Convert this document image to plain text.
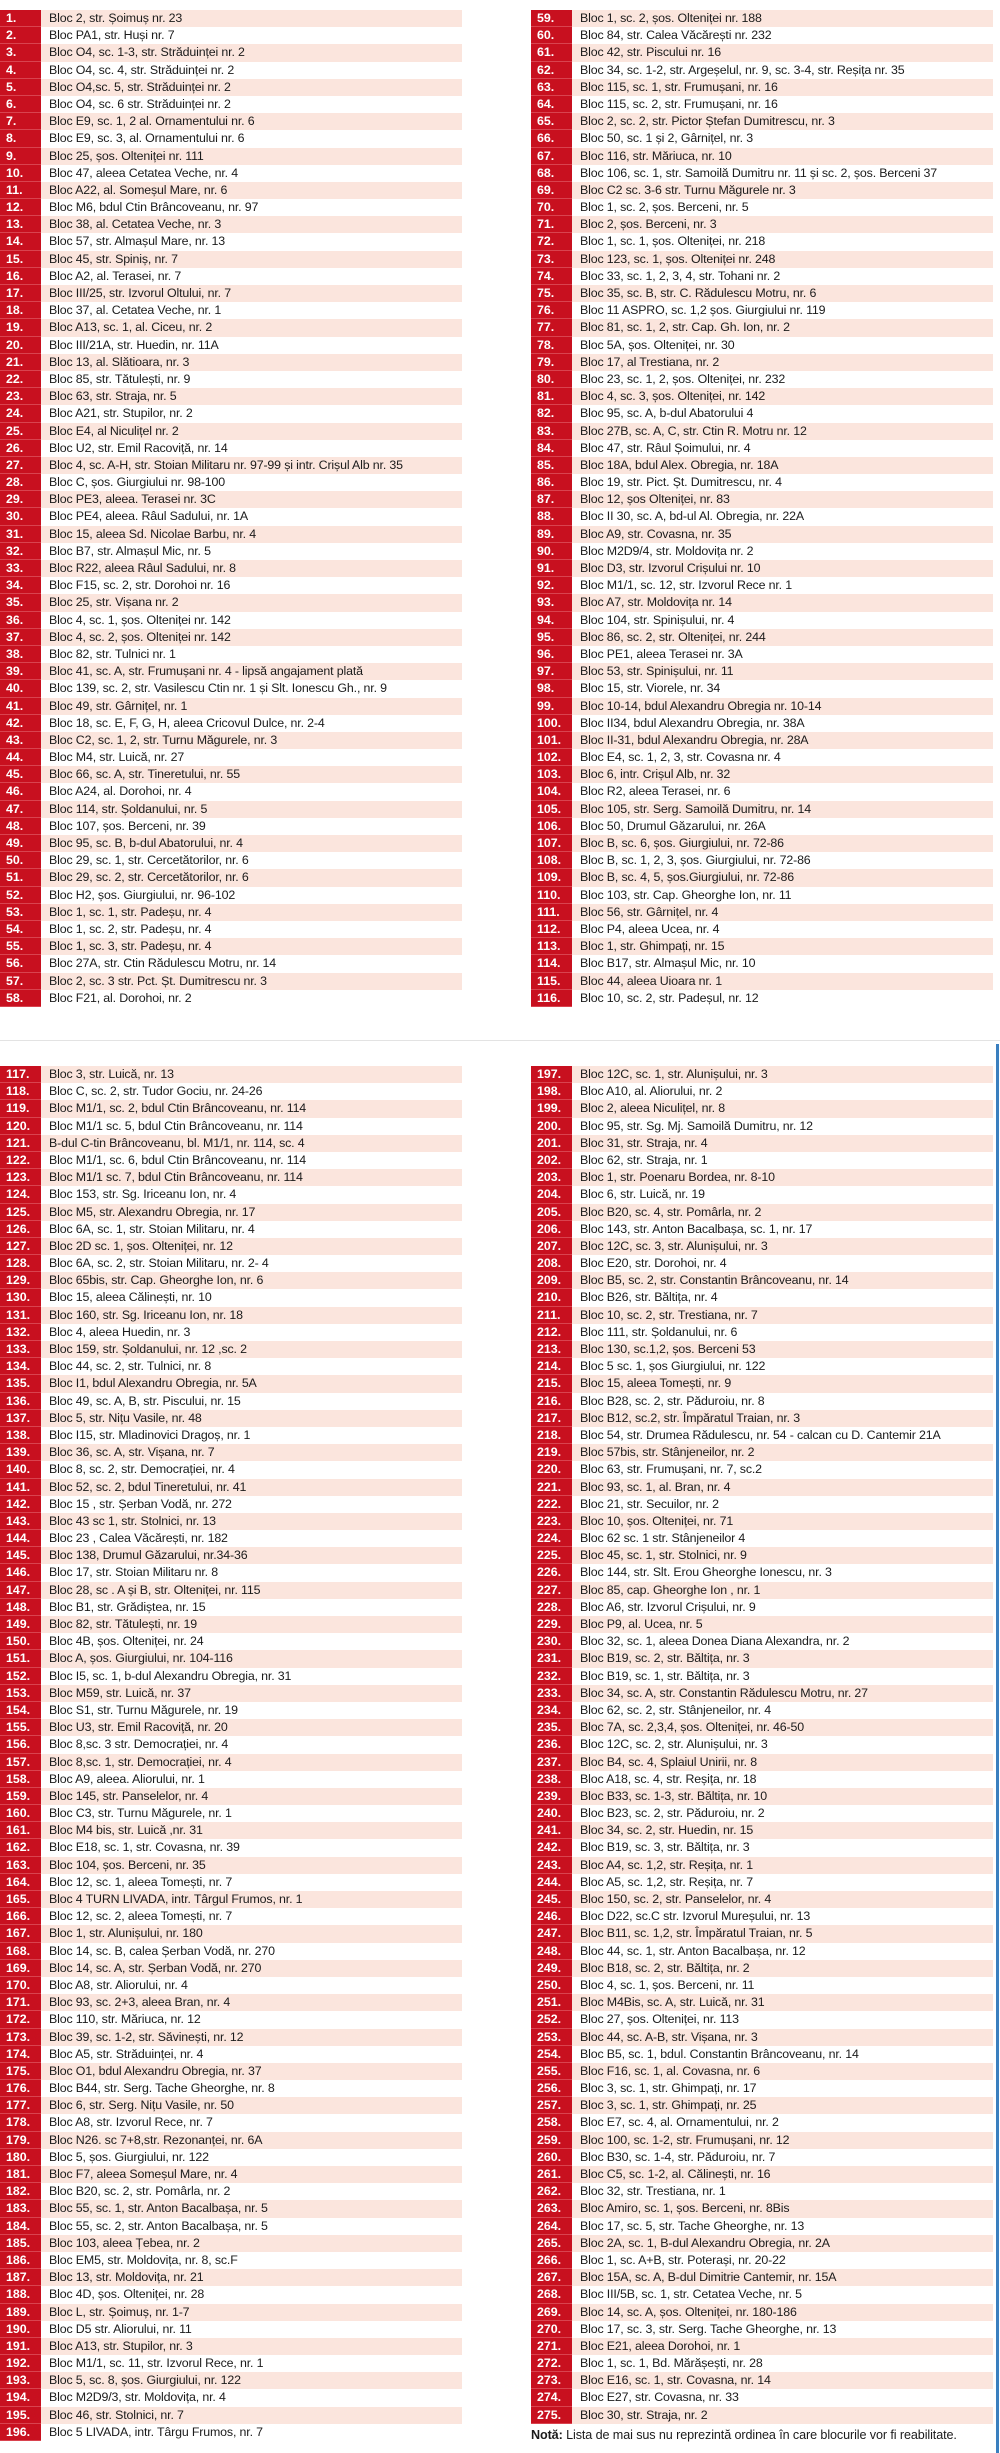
1.	Bloc 2, str. Șoimuș nr. 23
2.	Bloc PA1, str. Huși nr. 7
3.	Bloc O4, sc. 1-3, str. Străduinței nr. 2
4.	Bloc O4, sc. 4, str. Străduinței nr. 2
5.	Bloc O4,sc. 5, str. Străduinței nr. 2
6.	Bloc O4, sc. 6 str. Străduinței nr. 2
7.	Bloc E9, sc. 1, 2 al. Ornamentului nr. 6
8.	Bloc E9, sc. 3, al. Ornamentului nr. 6
9.	Bloc 25, șos. Olteniței nr. 111
10.	Bloc 47, aleea Cetatea Veche, nr. 4
11.	Bloc A22, al. Someșul Mare, nr. 6
12.	Bloc M6, bdul Ctin Brâncoveanu, nr. 97
13.	Bloc 38, al. Cetatea Veche, nr. 3
14.	Bloc 57, str. Almașul Mare, nr. 13
15.	Bloc 45, str. Spiniș, nr. 7
16.	Bloc A2, al. Terasei, nr. 7
17.	Bloc III/25, str. Izvorul Oltului, nr. 7
18.	Bloc 37, al. Cetatea Veche, nr. 1
19.	Bloc A13, sc. 1, al. Ciceu, nr. 2
20.	Bloc III/21A, str. Huedin, nr. 11A
21.	Bloc 13, al. Slătioara, nr. 3
22.	Bloc 85, str. Tătulești, nr. 9
23.	Bloc 63, str. Straja, nr. 5
24.	Bloc A21, str. Stupilor, nr. 2
25.	Bloc E4, al Niculițel nr. 2
26.	Bloc U2, str. Emil Racoviță, nr. 14
27.	Bloc 4, sc. A-H, str. Stoian Militaru nr. 97-99 și intr. Crișul Alb nr. 35
28.	Bloc C, șos. Giurgiului nr. 98-100
29.	Bloc PE3, aleea. Terasei nr. 3C
30.	Bloc PE4, aleea. Râul Sadului, nr. 1A
31.	Bloc 15, aleea Sd. Nicolae Barbu, nr. 4
32.	Bloc B7, str. Almașul Mic, nr. 5
33.	Bloc R22, aleea Râul Sadului, nr. 8
34.	Bloc F15, sc. 2, str. Dorohoi nr. 16
35.	Bloc 25, str. Vișana nr. 2
36.	Bloc 4, sc. 1, șos. Olteniței nr. 142
37.	Bloc 4, sc. 2, șos. Olteniței nr. 142
38.	Bloc 82, str. Tulnici nr. 1
39.	Bloc 41, sc. A, str. Frumușani nr. 4 - lipsă angajament plată
40.	Bloc 139, sc. 2, str. Vasilescu Ctin nr. 1 și Slt. Ionescu Gh., nr. 9
41.	Bloc 49, str. Gârnițel, nr. 1
42.	Bloc 18, sc. E, F, G, H, aleea Cricovul Dulce, nr. 2-4
43.	Bloc C2, sc. 1, 2, str. Turnu Măgurele, nr. 3
44.	Bloc M4, str. Luică, nr. 27
45.	Bloc 66, sc. A, str. Tineretului, nr. 55
46.	Bloc A24, al. Dorohoi, nr. 4
47.	Bloc 114, str. Șoldanului, nr. 5
48.	Bloc 107, șos. Berceni, nr. 39
49.	Bloc 95, sc. B, b-dul Abatorului, nr. 4
50.	Bloc 29, sc. 1, str. Cercetătorilor, nr. 6
51.	Bloc 29, sc. 2, str. Cercetătorilor, nr. 6
52.	Bloc H2, șos. Giurgiului, nr. 96-102
53.	Bloc 1, sc. 1, str. Padeșu, nr. 4
54.	Bloc 1, sc. 2, str. Padeșu, nr. 4
55.	Bloc 1, sc. 3, str. Padeșu, nr. 4
56.	Bloc 27A, str. Ctin Rădulescu Motru, nr. 14
57.	Bloc 2, sc. 3 str. Pct. Șt. Dumitrescu nr. 3
58.	Bloc F21, al. Dorohoi, nr. 2
59.	Bloc 1, sc. 2, șos. Olteniței nr. 188
60.	Bloc 84, str. Calea Văcărești nr. 232
61.	Bloc 42, str. Piscului nr. 16
62.	Bloc 34, sc. 1-2, str. Argeșelul, nr. 9, sc. 3-4, str. Reșița nr. 35
63.	Bloc 115, sc. 1, str. Frumușani, nr. 16
64.	Bloc 115, sc. 2, str. Frumușani, nr. 16
65.	Bloc 2, sc. 2, str. Pictor Ștefan Dumitrescu, nr. 3
66.	Bloc 50, sc. 1 și 2, Gârnițel, nr. 3
67.	Bloc 116, str. Măriuca, nr. 10
68.	Bloc 106, sc. 1, str. Samoilă Dumitru nr. 11 și sc. 2, șos. Berceni 37
69.	Bloc C2 sc. 3-6 str. Turnu Măgurele nr. 3
70.	Bloc 1, sc. 2, șos. Berceni, nr. 5
71.	Bloc 2, șos. Berceni, nr. 3
72.	Bloc 1, sc. 1, șos. Olteniței, nr. 218
73.	Bloc 123, sc. 1, șos. Olteniței nr. 248
74.	Bloc 33, sc. 1, 2, 3, 4, str. Tohani nr. 2
75.	Bloc 35, sc. B, str. C. Rădulescu Motru, nr. 6
76.	Bloc 11 ASPRO, sc. 1,2 șos. Giurgiului nr. 119
77.	Bloc 81, sc. 1, 2, str. Cap. Gh. Ion, nr. 2
78.	Bloc 5A, șos. Olteniței, nr. 30
79.	Bloc 17, al Trestiana, nr. 2
80.	Bloc 23, sc. 1, 2, șos. Olteniței, nr. 232
81.	Bloc 4, sc. 3, șos. Olteniței, nr. 142
82.	Bloc 95, sc. A, b-dul Abatorului 4
83.	Bloc 27B, sc. A, C, str. Ctin R. Motru nr. 12
84.	Bloc 47, str. Râul Șoimului, nr. 4
85.	Bloc 18A, bdul Alex. Obregia, nr. 18A
86.	Bloc 19, str. Pict. Șt. Dumitrescu, nr. 4
87.	Bloc 12, șos Olteniței, nr. 83
88.	Bloc II 30, sc. A, bd-ul Al. Obregia, nr. 22A
89.	Bloc A9, str. Covasna, nr. 35
90.	Bloc M2D9/4, str. Moldovița nr. 2
91.	Bloc D3, str. Izvorul Crișului nr. 10
92.	Bloc M1/1, sc. 12, str. Izvorul Rece nr. 1
93.	Bloc A7, str. Moldovița nr. 14
94.	Bloc 104, str. Spinișului, nr. 4
95.	Bloc 86, sc. 2, str. Olteniței, nr. 244
96.	Bloc PE1, aleea Terasei nr. 3A
97.	Bloc 53, str. Spinișului, nr. 11
98.	Bloc 15, str. Viorele, nr. 34
99.	Bloc 10-14, bdul Alexandru Obregia nr. 10-14
100.	Bloc II34, bdul Alexandru Obregia, nr. 38A
101.	Bloc II-31, bdul Alexandru Obregia, nr. 28A
102.	Bloc E4, sc. 1, 2, 3, str. Covasna nr. 4
103.	Bloc 6, intr. Crișul Alb, nr. 32
104.	Bloc R2, aleea Terasei, nr. 6
105.	Bloc 105, str. Serg. Samoilă Dumitru, nr. 14
106.	Bloc 50, Drumul Găzarului, nr. 26A
107.	Bloc B, sc. 6, șos. Giurgiului, nr. 72-86
108.	Bloc B, sc. 1, 2, 3, șos. Giurgiului, nr. 72-86
109.	Bloc B, sc. 4, 5, șos.Giurgiului, nr. 72-86
110.	Bloc 103, str. Cap. Gheorghe Ion, nr. 11
111.	Bloc 56, str. Gârnițel, nr. 4
112.	Bloc P4, aleea Ucea, nr. 4
113.	Bloc 1, str. Ghimpați, nr. 15
114.	Bloc B17, str. Almașul Mic, nr. 10
115.	Bloc 44, aleea Uioara nr. 1
116.	Bloc 10, sc. 2, str. Padeșul, nr. 12
117.	Bloc 3, str. Luică, nr. 13
118.	Bloc C, sc. 2, str. Tudor Gociu, nr. 24-26
119.	Bloc M1/1, sc. 2, bdul Ctin Brâncoveanu, nr. 114
120.	Bloc M1/1 sc. 5, bdul Ctin Brâncoveanu, nr. 114
121.	B-dul C-tin Brâncoveanu, bl. M1/1, nr. 114, sc. 4
122.	Bloc M1/1, sc. 6, bdul Ctin Brâncoveanu, nr. 114
123.	Bloc M1/1 sc. 7, bdul Ctin Brâncoveanu, nr. 114
124.	Bloc 153, str. Sg. Iriceanu Ion, nr. 4
125.	Bloc M5, str. Alexandru Obregia, nr. 17
126.	Bloc 6A, sc. 1, str. Stoian Militaru, nr. 4
127.	Bloc 2D sc. 1, șos. Olteniței, nr. 12
128.	Bloc 6A, sc. 2, str. Stoian Militaru, nr. 2- 4
129.	Bloc 65bis, str. Cap. Gheorghe Ion, nr. 6
130.	Bloc 15, aleea Călinești, nr. 10
131.	Bloc 160, str. Sg. Iriceanu Ion, nr. 18
132.	Bloc 4, aleea Huedin, nr. 3
133.	Bloc 159, str. Șoldanului, nr. 12 ,sc. 2
134.	Bloc 44, sc. 2, str. Tulnici, nr. 8
135.	Bloc I1, bdul Alexandru Obregia, nr. 5A
136.	Bloc 49, sc. A, B, str. Piscului, nr. 15
137.	Bloc 5, str. Nițu Vasile, nr. 48
138.	Bloc I15, str. Mladinovici Dragoș, nr. 1
139.	Bloc 36, sc. A, str. Vișana, nr. 7
140.	Bloc 8, sc. 2, str. Democrației, nr. 4
141.	Bloc 52, sc. 2, bdul Tineretului, nr. 41
142.	Bloc 15 , str. Șerban Vodă, nr. 272
143.	Bloc 43 sc 1, str. Stolnici, nr. 13
144.	Bloc 23 , Calea Văcărești, nr. 182
145.	Bloc 138, Drumul Găzarului, nr.34-36
146.	Bloc 17, str. Stoian Militaru nr. 8
147.	Bloc 28, sc . A și B, str. Olteniței, nr. 115
148.	Bloc B1, str. Grădiștea, nr. 15
149.	Bloc 82, str. Tătulești, nr. 19
150.	Bloc 4B, șos. Olteniței, nr. 24
151.	Bloc A, șos. Giurgiului, nr. 104-116
152.	Bloc I5, sc. 1, b-dul Alexandru Obregia, nr. 31
153.	Bloc M59, str. Luică, nr. 37
154.	Bloc S1, str. Turnu Măgurele, nr. 19
155.	Bloc U3, str. Emil Racoviță, nr. 20
156.	Bloc 8,sc. 3 str. Democrației, nr. 4
157.	Bloc 8,sc. 1, str. Democrației, nr. 4
158.	Bloc A9, aleea. Aliorului, nr. 1
159.	Bloc 145, str. Panselelor, nr. 4
160.	Bloc C3, str. Turnu Măgurele, nr. 1
161.	Bloc M4 bis, str. Luică ,nr. 31
162.	Bloc E18, sc. 1, str. Covasna, nr. 39
163.	Bloc 104, șos. Berceni, nr. 35
164.	Bloc 12, sc. 1, aleea Tomești, nr. 7
165.	Bloc 4 TURN LIVADA, intr. Târgul Frumos, nr. 1
166.	Bloc 12, sc. 2, aleea Tomești, nr. 7
167.	Bloc 1, str. Alunișului, nr. 180
168.	Bloc 14, sc. B, calea Șerban Vodă, nr. 270
169.	Bloc 14, sc. A, str. Șerban Vodă, nr. 270
170.	Bloc A8, str. Aliorului, nr. 4
171.	Bloc 93, sc. 2+3, aleea Bran, nr. 4
172.	Bloc 110, str. Măriuca, nr. 12
173.	Bloc 39, sc. 1-2, str. Săvinești, nr. 12
174.	Bloc A5, str. Străduinței, nr. 4
175.	Bloc O1, bdul Alexandru Obregia, nr. 37
176.	Bloc B44, str. Serg. Tache Gheorghe, nr. 8
177.	Bloc 6, str. Serg. Nițu Vasile, nr. 50
178.	Bloc A8, str. Izvorul Rece, nr. 7
179.	Bloc N26. sc 7+8,str. Rezonanței, nr. 6A
180.	Bloc 5, șos. Giurgiului, nr. 122
181.	Bloc F7, aleea Someșul Mare, nr. 4
182.	Bloc B20, sc. 2, str. Pomârla, nr. 2
183.	Bloc 55, sc. 1, str. Anton Bacalbașa, nr. 5
184.	Bloc 55, sc. 2, str. Anton Bacalbașa, nr. 5
185.	Bloc 103, aleea Țebea, nr. 2
186.	Bloc EM5, str. Moldovița, nr. 8, sc.F
187.	Bloc 13, str. Moldovița, nr. 21
188.	Bloc 4D, șos. Olteniței, nr. 28
189.	Bloc L, str. Șoimuș, nr. 1-7
190.	Bloc D5 str. Aliorului, nr. 11
191.	Bloc A13, str. Stupilor, nr. 3
192.	Bloc M1/1, sc. 11, str. Izvorul Rece, nr. 1
193.	Bloc 5, sc. 8, șos. Giurgiului, nr. 122
194.	Bloc M2D9/3, str. Moldovița, nr. 4
195.	Bloc 46, str. Stolnici, nr. 7
196.	Bloc 5 LIVADA, intr. Târgu Frumos, nr. 7
197.	Bloc 12C, sc. 1, str. Alunișului, nr. 3
198.	Bloc A10, al. Aliorului, nr. 2
199.	Bloc 2, aleea Niculițel, nr. 8
200.	Bloc 95, str. Sg. Mj. Samoilă Dumitru, nr. 12
201.	Bloc 31, str. Straja, nr. 4
202.	Bloc 62, str. Straja, nr. 1
203.	Bloc 1, str. Poenaru Bordea, nr. 8-10
204.	Bloc 6, str. Luică, nr. 19
205.	Bloc B20, sc. 4, str. Pomârla, nr. 2
206.	Bloc 143, str. Anton Bacalbașa, sc. 1, nr. 17
207.	Bloc 12C, sc. 3, str. Alunișului, nr. 3
208.	Bloc E20, str. Dorohoi, nr. 4
209.	Bloc B5, sc. 2, str. Constantin Brâncoveanu, nr. 14
210.	Bloc B26, str. Băltița, nr. 4
211.	Bloc 10, sc. 2, str. Trestiana, nr. 7
212.	Bloc 111, str. Șoldanului, nr. 6
213.	Bloc 130, sc.1,2, șos. Berceni 53
214.	Bloc 5 sc. 1, șos Giurgiului, nr. 122
215.	Bloc 15, aleea Tomești, nr. 9
216.	Bloc B28, sc. 2, str. Păduroiu, nr. 8
217.	Bloc B12, sc.2, str. Împăratul Traian, nr. 3
218.	Bloc 54, str. Drumea Rădulescu, nr. 54 - calcan cu D. Cantemir 21A
219.	Bloc 57bis, str. Stânjeneilor, nr. 2
220.	Bloc 63, str. Frumușani, nr. 7, sc.2
221.	Bloc 93, sc. 1, al. Bran, nr. 4
222.	Bloc 21, str. Secuilor, nr. 2
223.	Bloc 10, șos. Olteniței, nr. 71
224.	Bloc 62 sc. 1 str. Stânjeneilor 4
225.	Bloc 45, sc. 1, str. Stolnici, nr. 9
226.	Bloc 144, str. Slt. Erou Gheorghe Ionescu, nr. 3
227.	Bloc 85, cap. Gheorghe Ion , nr. 1
228.	Bloc A6, str. Izvorul Crișului, nr. 9
229.	Bloc P9, al. Ucea, nr. 5
230.	Bloc 32, sc. 1, aleea Donea Diana Alexandra, nr. 2
231.	Bloc B19, sc. 2, str. Băltița, nr. 3
232.	Bloc B19, sc. 1, str. Băltița, nr. 3
233.	Bloc 34, sc. A, str. Constantin Rădulescu Motru, nr. 27
234.	Bloc 62, sc. 2, str. Stânjeneilor, nr. 4
235.	Bloc 7A, sc. 2,3,4, șos. Olteniței, nr. 46-50
236.	Bloc 12C, sc. 2, str. Alunișului, nr. 3
237.	Bloc B4, sc. 4, Splaiul Unirii, nr. 8
238.	Bloc A18, sc. 4, str. Reșița, nr. 18
239.	Bloc B33, sc. 1-3, str. Băltița, nr. 10
240.	Bloc B23, sc. 2, str. Păduroiu, nr. 2
241.	Bloc 34, sc. 2, str. Huedin, nr. 15
242.	Bloc B19, sc. 3, str. Băltița, nr. 3
243.	Bloc A4, sc. 1,2, str. Reșița, nr. 1
244.	Bloc A5, sc. 1,2, str. Reșița, nr. 7
245.	Bloc 150, sc. 2, str. Panselelor, nr. 4
246.	Bloc D22, sc.C str. Izvorul Mureșului, nr. 13
247.	Bloc B11, sc. 1,2, str. Împăratul Traian, nr. 5
248.	Bloc 44, sc. 1, str. Anton Bacalbașa, nr. 12
249.	Bloc B18, sc. 2, str. Băltița, nr. 2
250.	Bloc 4, sc. 1, șos. Berceni, nr. 11
251.	Bloc M4Bis, sc. A, str. Luică, nr. 31
252.	Bloc 27, șos. Olteniței, nr. 113
253.	Bloc 44, sc. A-B, str. Vișana, nr. 3
254.	Bloc B5, sc. 1, bdul. Constantin Brâncoveanu, nr. 14
255.	Bloc F16, sc. 1, al. Covasna, nr. 6
256.	Bloc 3, sc. 1, str. Ghimpați, nr. 17
257.	Bloc 3, sc. 1, str. Ghimpați, nr. 25
258.	Bloc E7, sc. 4, al. Ornamentului, nr. 2
259.	Bloc 100, sc. 1-2, str. Frumușani, nr. 12
260.	Bloc B30, sc. 1-4, str. Păduroiu, nr. 7
261.	Bloc C5, sc. 1-2, al. Călinești, nr. 16
262.	Bloc 32, str. Trestiana, nr. 1
263.	Bloc Amiro, sc. 1, șos. Berceni, nr. 8Bis
264.	Bloc 17, sc. 5, str. Tache Gheorghe, nr. 13
265.	Bloc 2A, sc. 1, B-dul Alexandru Obregia, nr. 2A
266.	Bloc 1, sc. A+B, str. Poterași, nr. 20-22
267.	Bloc 15A, sc. A, B-dul Dimitrie Cantemir, nr. 15A
268.	Bloc III/5B, sc. 1, str. Cetatea Veche, nr. 5
269.	Bloc 14, sc. A, șos. Olteniței, nr. 180-186
270.	Bloc 17, sc. 3, str. Serg. Tache Gheorghe, nr. 13
271.	Bloc E21, aleea Dorohoi, nr. 1
272.	Bloc 1, sc. 1, Bd. Mărășești, nr. 28
273.	Bloc E16, sc. 1, str. Covasna, nr. 14
274.	Bloc E27, str. Covasna, nr. 33
275.	Bloc 30, str. Straja, nr. 2
Notă: Lista de mai sus nu reprezintă ordinea în care blocurile vor fi reabilitate.
